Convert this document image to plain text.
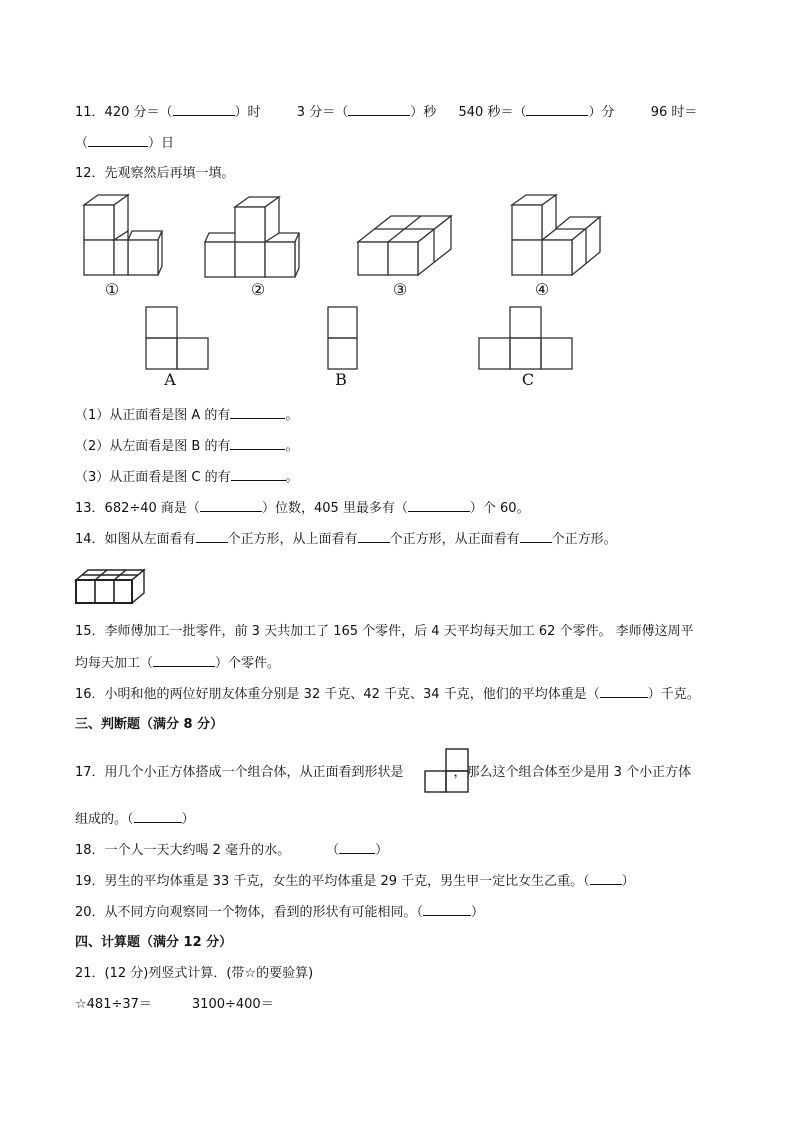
11．420 分＝（	）时	3 分＝（	）秒 540 秒＝（	）分	96 时＝
（	）日
12．先观察然后再填一填。
①	②	③	④
A	B	C
（1）从正面看是图 A 的有	。
（2）从左面看是图 B 的有	。
（3）从正面看是图 C 的有	。
13．682÷40 商是（	）位数，405 里最多有（	）个 60。
14．如图从左面看有 个正方形，从上面看有 个正方形，从正面看有 个正方形。
15．李师傅加工一批零件，前 3 天共加工了 165 个零件，后 4 天平均每天加工 62 个零件。 李师傅这周平
均每天加工（	）个零件。
16．小明和他的两位好朋友体重分别是 32 千克、42 千克、34 千克，他们的平均体重是（	）千克。
三、判断题（满分 8 分）
17．用几个小正方体搭成一个组合体，从正面看到形状是	，那么这个组合体至少是用 3 个小正方体
组成的。（	）
18．一个人一天大约喝 2 毫升的水。	（	）
19．男生的平均体重是 33 千克，女生的平均体重是 29 千克，男生甲一定比女生乙重。（ ）
20．从不同方向观察同一个物体，看到的形状有可能相同。（	）
四、计算题（满分 12 分）
21．(12 分)列竖式计算．(带☆的要验算)
☆481÷37＝	3100÷400＝
